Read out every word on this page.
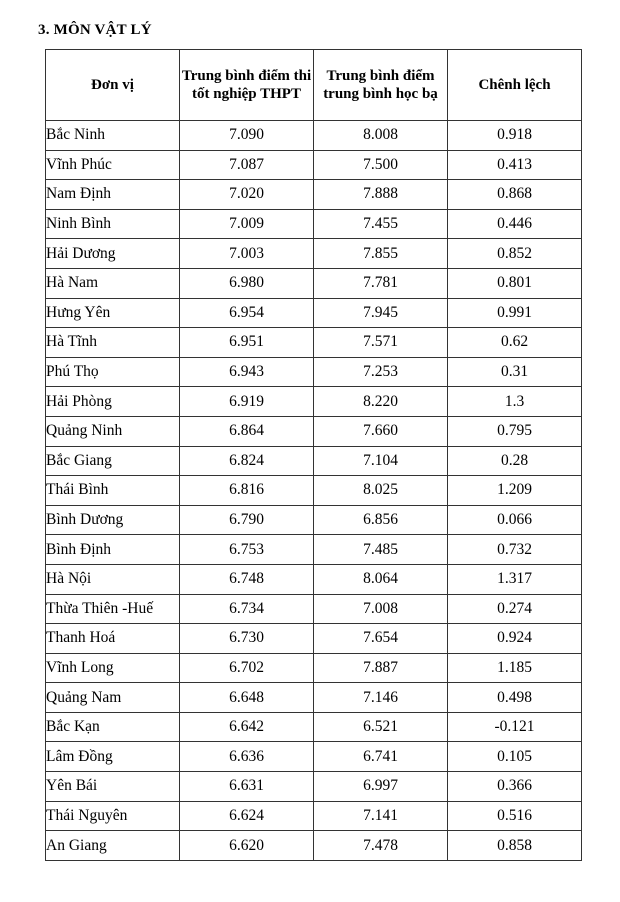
3. MÔN VẬT LÝ
Đơn vị	Trung bình điểm thi tốt nghiệp THPT	Trung bình điểm trung bình học bạ	Chênh lệch
Bắc Ninh	7.090	8.008	0.918
Vĩnh Phúc	7.087	7.500	0.413
Nam Định	7.020	7.888	0.868
Ninh Bình	7.009	7.455	0.446
Hải Dương	7.003	7.855	0.852
Hà Nam	6.980	7.781	0.801
Hưng Yên	6.954	7.945	0.991
Hà Tĩnh	6.951	7.571	0.62
Phú Thọ	6.943	7.253	0.31
Hải Phòng	6.919	8.220	1.3
Quảng Ninh	6.864	7.660	0.795
Bắc Giang	6.824	7.104	0.28
Thái Bình	6.816	8.025	1.209
Bình Dương	6.790	6.856	0.066
Bình Định	6.753	7.485	0.732
Hà Nội	6.748	8.064	1.317
Thừa Thiên -Huế	6.734	7.008	0.274
Thanh Hoá	6.730	7.654	0.924
Vĩnh Long	6.702	7.887	1.185
Quảng Nam	6.648	7.146	0.498
Bắc Kạn	6.642	6.521	-0.121
Lâm Đồng	6.636	6.741	0.105
Yên Bái	6.631	6.997	0.366
Thái Nguyên	6.624	7.141	0.516
An Giang	6.620	7.478	0.858
